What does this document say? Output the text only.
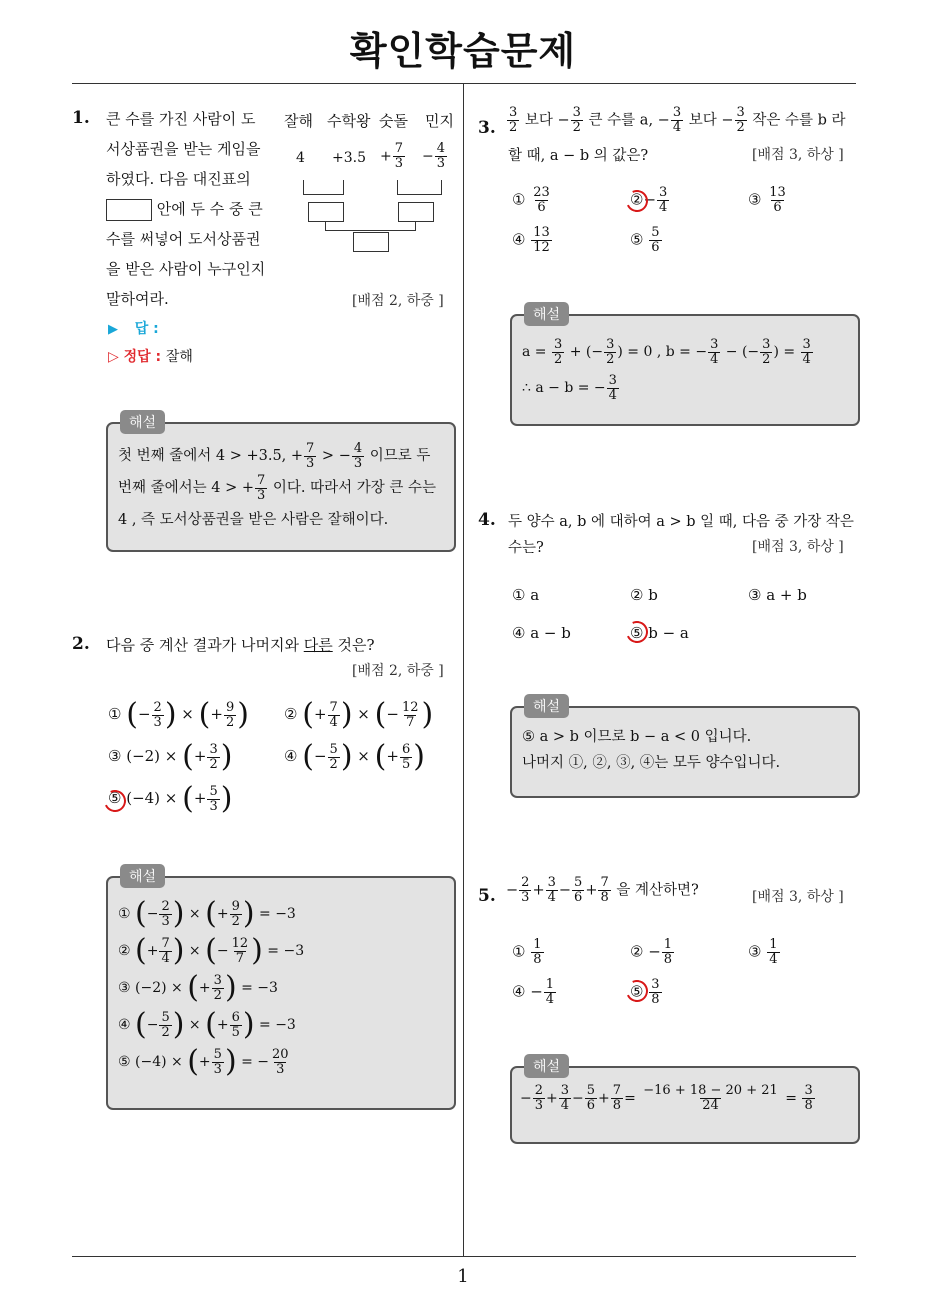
확인학습문제
1
1. 큰 수를 가진 사람이 도
서상품권을 받는 게임을
하였다. 다음 대진표의
안에 두 수 중 큰
수를 써넣어 도서상품권
을 받은 사람이 누구인지
말하여라.
잘해 수학왕 숫돌 민지
$4 +3.5 + \frac{7}{3} - \frac{4}{3}$
[배점 2, 하중 ]
▶ 답 :
▷ 정답 : 잘해
해설
첫 번째 줄에서 4 > +3.5, + $\frac{7}{3}$ > − $\frac{4}{3}$ 이므로 두
번째 줄에서는 4 > + $\frac{7}{3}$ 이다. 따라서 가장 큰 수는
4 , 즉 도서상품권을 받은 사람은 잘해이다.
2. 다음 중 계산 결과가 나머지와 다른 것은?
[배점 2, 하중 ]
① (− $\frac{2}{3}$ ) × (+ $\frac{9}{2}$ ) ② (+ $\frac{7}{4}$ ) × (− $\frac{12}{7}$ )
③ (−2) × (+ $\frac{3}{2}$ )	④ (− $\frac{5}{2}$ ) × (+ $\frac{6}{5}$ )
⑤ (−4) × (+ $\frac{5}{3}$ )
해설
① (− $\frac{2}{3}$ ) × (+ $\frac{9}{2}$ ) = −3
② (+ $\frac{7}{4}$ ) × (− $\frac{12}{7}$ ) = −3
③ (−2) × (+ $\frac{3}{2}$ ) = −3
④ (− $\frac{5}{2}$ ) × (+ $\frac{6}{5}$ ) = −3
⑤ (−4) × (+ $\frac{5}{3}$ ) = − $\frac{20}{3}$
3. $\frac{3}{2}$ 보다 − $\frac{3}{2}$ 큰 수를 a, − $\frac{3}{4}$ 보다 − $\frac{3}{2}$ 작은 수를 b 라
할 때, a − b 의 값은?	[배점 3, 하상 ]
① $\frac{23}{6}$	②− $\frac{3}{4}$	③ $\frac{13}{6}$
④ $\frac{13}{12}$	⑤ $\frac{5}{6}$
해설
$a = \frac{3}{2}$ + (− $\frac{3}{2}$ ) = 0 , b = − $\frac{3}{4}$ − (− $\frac{3}{2}$ ) = $\frac{3}{4}$
∴ a − b = − $\frac{3}{4}$
4. 두 양수 a, b 에 대하여 a > b 일 때, 다음 중 가장 작은
수는?	[배점 3, 하상 ]
① a	② b	③ a + b
④ a − b	⑤ b − a
해설
⑤ a > b 이므로 b − a < 0 입니다.
나머지 ①, ②, ③, ④는 모두 양수입니다.
5. − $\frac{2}{3} + \frac{3}{4} - \frac{5}{6} + \frac{7}{8}$ 을 계산하면?	[배점 3, 하상 ]
① $\frac{1}{8}$	② − $\frac{1}{8}$	③ $\frac{1}{4}$
④ − $\frac{1}{4}$	⑤ $\frac{3}{8}$
해설
− $\frac{2}{3} + \frac{3}{4} - \frac{5}{6} + \frac{7}{8} = \frac{-16 + 18 - 20 + 21}{24} = \frac{3}{8}$
